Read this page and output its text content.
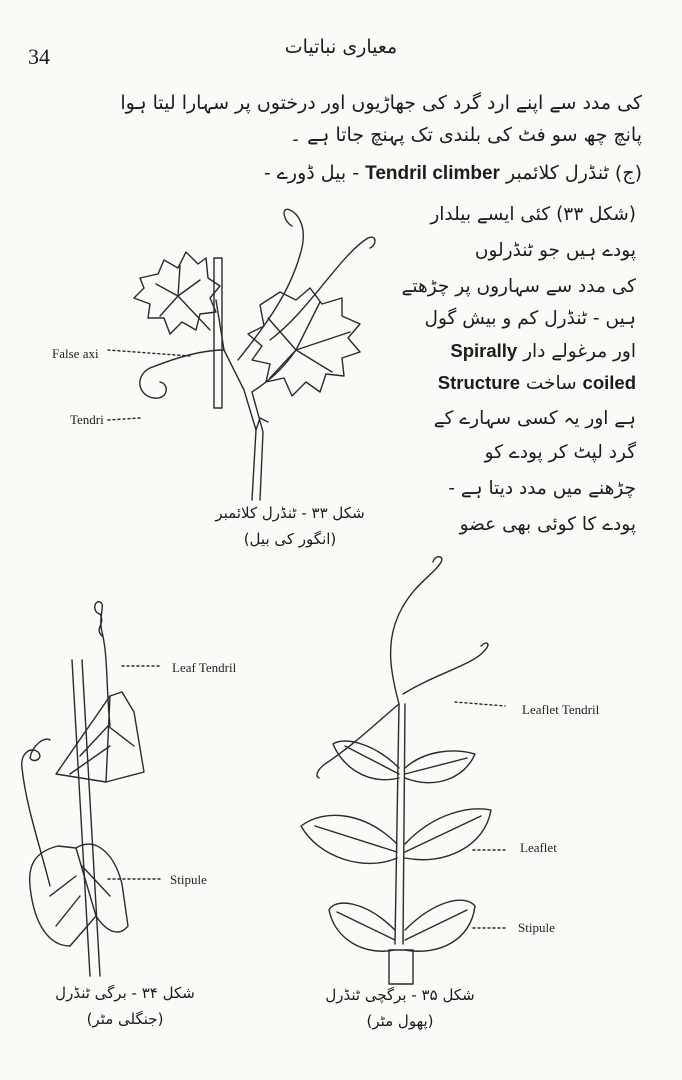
34	معیاری نباتیات
کی مدد سے اپنے ارد گرد کی جھاڑیوں اور درختوں پر سہارا لیتا ہوا
پانچ چھ سو فٹ کی بلندی تک پہنچ جاتا ہے ۔
(ج) ٹنڈرل کلائمبر Tendril climber - بیل ڈورے -
(شکل ۳۳) کئی ایسے بیلدار
پودے ہیں جو ٹنڈرلوں
کی مدد سے سہاروں پر چڑھتے
ہیں - ٹنڈرل کم و بیش گول
اور مرغولے دار Spirally
coiled ساخت Structure
ہے اور یہ کسی سہارے کے
گرد لپٹ کر پودے کو
چڑھنے میں مدد دیتا ہے -
پودے کا کوئی بھی عضو
False axi
Tendri
شکل ۳۳ - ٹنڈرل کلائمبر
(انگور کی بیل)
Leaf Tendril
Stipule
شکل ۳۴ - برگی ٹنڈرل
(جنگلی مٹر)
Leaflet Tendril
Leaflet
Stipule
شکل ۳۵ - برگچی ٹنڈرل
(پھول مٹر)
